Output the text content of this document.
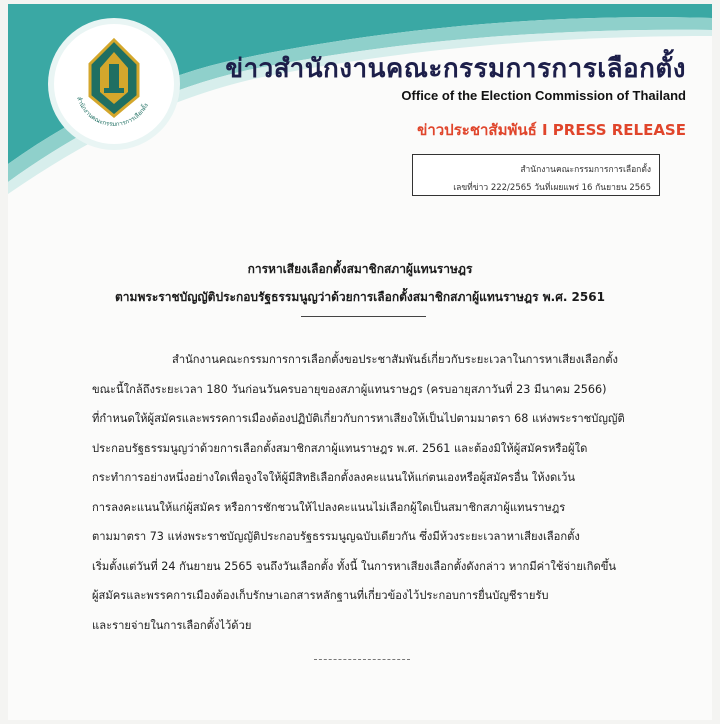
สำนักงานคณะกรรมการการเลือกตั้ง
ข่าวสำนักงานคณะกรรมการการเลือกตั้ง
Office of the Election Commission of Thailand
ข่าวประชาสัมพันธ์ I PRESS RELEASE
สำนักงานคณะกรรมการการเลือกตั้ง
เลขที่ข่าว 222/2565 วันที่เผยแพร่ 16 กันยายน 2565
การหาเสียงเลือกตั้งสมาชิกสภาผู้แทนราษฎร
ตามพระราชบัญญัติประกอบรัฐธรรมนูญว่าด้วยการเลือกตั้งสมาชิกสภาผู้แทนราษฎร พ.ศ. 2561
สำนักงานคณะกรรมการการเลือกตั้งขอประชาสัมพันธ์เกี่ยวกับระยะเวลาในการหาเสียงเลือกตั้ง
ขณะนี้ใกล้ถึงระยะเวลา 180 วันก่อนวันครบอายุของสภาผู้แทนราษฎร (ครบอายุสภาวันที่ 23 มีนาคม 2566)
ที่กำหนดให้ผู้สมัครและพรรคการเมืองต้องปฏิบัติเกี่ยวกับการหาเสียงให้เป็นไปตามมาตรา 68 แห่งพระราชบัญญัติ
ประกอบรัฐธรรมนูญว่าด้วยการเลือกตั้งสมาชิกสภาผู้แทนราษฎร พ.ศ. 2561 และต้องมิให้ผู้สมัครหรือผู้ใด
กระทำการอย่างหนึ่งอย่างใดเพื่อจูงใจให้ผู้มีสิทธิเลือกตั้งลงคะแนนให้แก่ตนเองหรือผู้สมัครอื่น ให้งดเว้น
การลงคะแนนให้แก่ผู้สมัคร หรือการชักชวนให้ไปลงคะแนนไม่เลือกผู้ใดเป็นสมาชิกสภาผู้แทนราษฎร
ตามมาตรา 73 แห่งพระราชบัญญัติประกอบรัฐธรรมนูญฉบับเดียวกัน ซึ่งมีห้วงระยะเวลาหาเสียงเลือกตั้ง
เริ่มตั้งแต่วันที่ 24 กันยายน 2565 จนถึงวันเลือกตั้ง ทั้งนี้ ในการหาเสียงเลือกตั้งดังกล่าว หากมีค่าใช้จ่ายเกิดขึ้น
ผู้สมัครและพรรคการเมืองต้องเก็บรักษาเอกสารหลักฐานที่เกี่ยวข้องไว้ประกอบการยื่นบัญชีรายรับ
และรายจ่ายในการเลือกตั้งไว้ด้วย
